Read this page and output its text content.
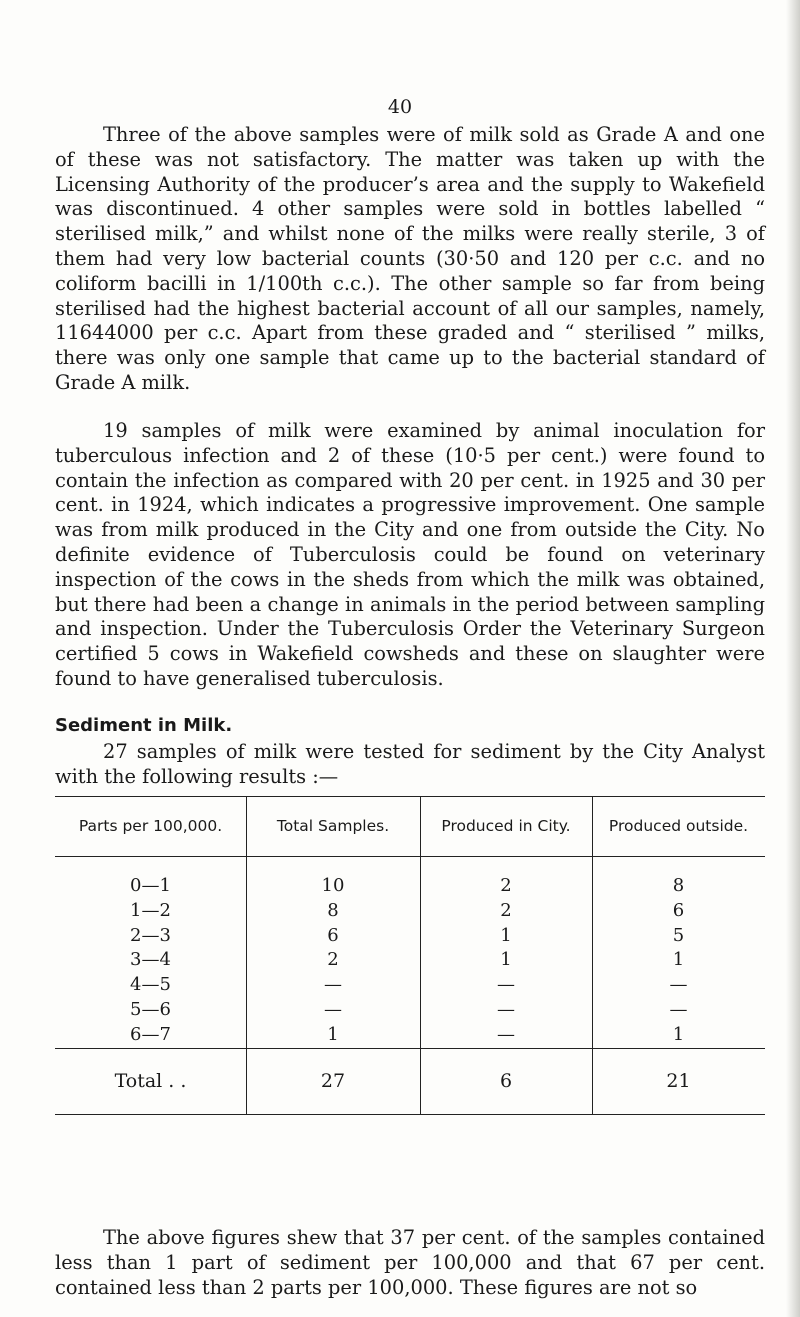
40

Three of the above samples were of milk sold as Grade A and one of these was not satisfactory. The matter was taken up with the Licensing Authority of the producer’s area and the supply to Wakefield was discontinued. 4 other samples were sold in bottles labelled “ sterilised milk,” and whilst none of the milks were really sterile, 3 of them had very low bacterial counts (30·50 and 120 per c.c. and no coliform bacilli in 1/100th c.c.). The other sample so far from being sterilised had the highest bacterial account of all our samples, namely, 11644000 per c.c. Apart from these graded and “ sterilised ” milks, there was only one sample that came up to the bacterial standard of Grade A milk.

19 samples of milk were examined by animal inoculation for tuberculous infection and 2 of these (10·5 per cent.) were found to contain the infection as compared with 20 per cent. in 1925 and 30 per cent. in 1924, which indicates a progressive improvement. One sample was from milk produced in the City and one from outside the City. No definite evidence of Tuberculosis could be found on veterinary inspection of the cows in the sheds from which the milk was obtained, but there had been a change in animals in the period between sampling and inspection. Under the Tuberculosis Order the Veterinary Surgeon certified 5 cows in Wakefield cowsheds and these on slaughter were found to have generalised tuberculosis.

Sediment in Milk.

27 samples of milk were tested for sediment by the City Analyst with the following results :—

Parts per 100,000.	Total Samples.	Produced in City.	Produced outside.
0—1	10	2	8
1—2	8	2	6
2—3	6	1	5
3—4	2	1	1
4—5	—	—	—
5—6	—	—	—
6—7	1	—	1
Total . .	27	6	21

The above figures shew that 37 per cent. of the samples contained less than 1 part of sediment per 100,000 and that 67 per cent. contained less than 2 parts per 100,000. These figures are not so
